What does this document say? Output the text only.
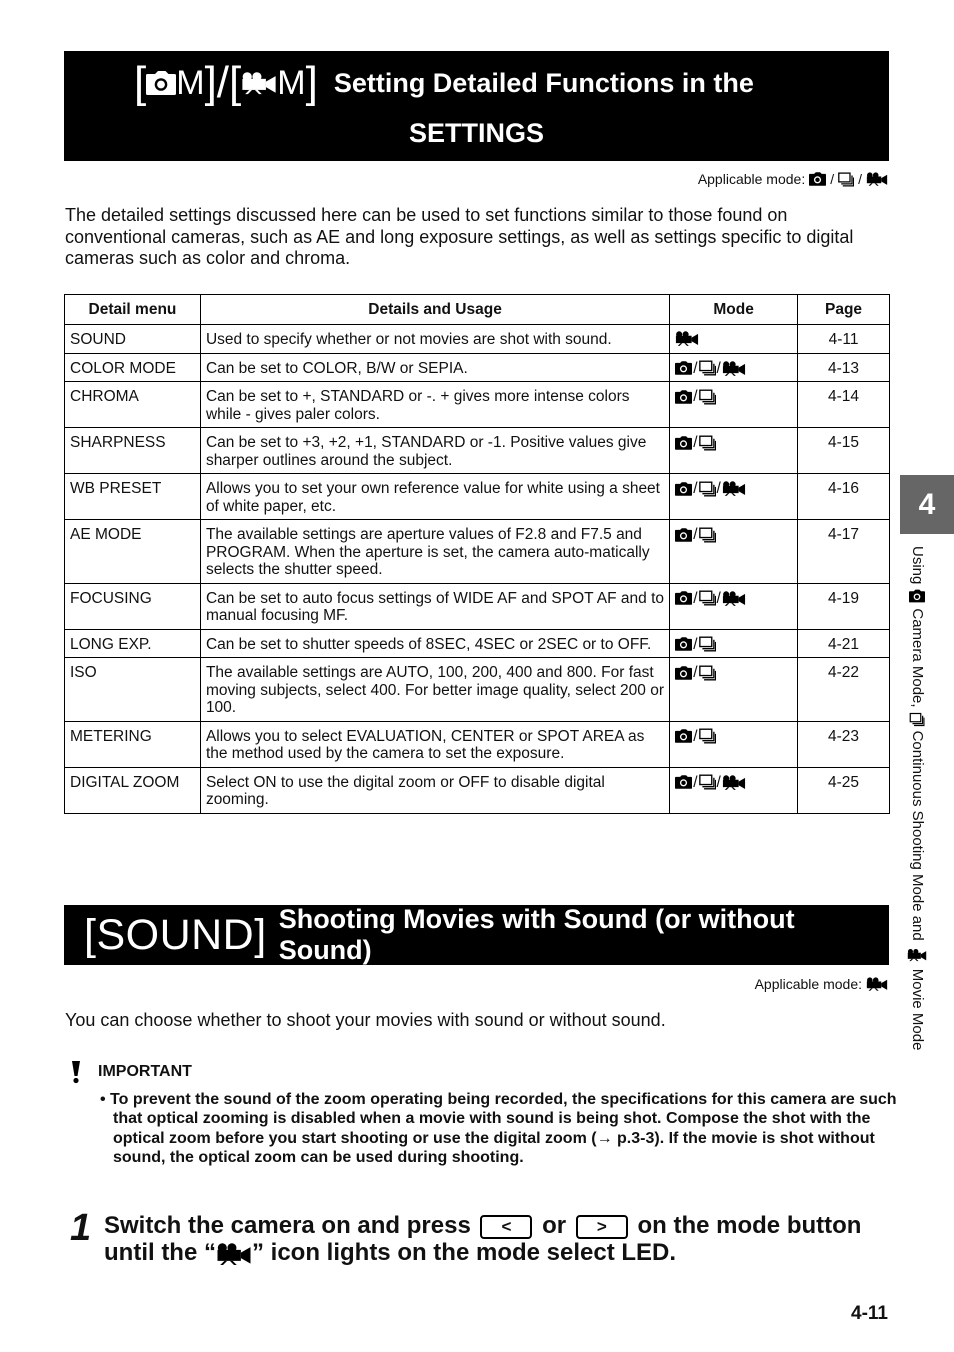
[ M ]/[ M ] Setting Detailed Functions in the
SETTINGS
Applicable mode: / /
The detailed settings discussed here can be used to set functions similar to those found on conventional cameras, such as AE and long exposure settings, as well as settings specific to digital cameras such as color and chroma.
Detail menu	Details and Usage	Mode	Page
SOUND	Used to specify whether or not movies are shot with sound.		4-11
COLOR MODE	Can be set to COLOR, B/W or SEPIA.	/ /	4-13
CHROMA	Can be set to +, STANDARD or -. + gives more intense colors while - gives paler colors.	/	4-14
SHARPNESS	Can be set to +3, +2, +1, STANDARD or -1. Positive values give sharper outlines around the subject.	/	4-15
WB PRESET	Allows you to set your own reference value for white using a sheet of white paper, etc.	/ /	4-16
AE MODE	The available settings are aperture values of F2.8 and F7.5 and PROGRAM. When the aperture is set, the camera auto-matically selects the shutter speed.	/	4-17
FOCUSING	Can be set to auto focus settings of WIDE AF and SPOT AF and to manual focusing MF.	/ /	4-19
LONG EXP.	Can be set to shutter speeds of 8SEC, 4SEC or 2SEC or to OFF.	/	4-21
ISO	The available settings are AUTO, 100, 200, 400 and 800. For fast moving subjects, select 400. For better image quality, select 200 or 100.	/	4-22
METERING	Allows you to select EVALUATION, CENTER or SPOT AREA as the method used by the camera to set the exposure.	/	4-23
DIGITAL ZOOM	Select ON to use the digital zoom or OFF to disable digital zooming.	/ /	4-25
4
Using
Camera Mode,
Continuous Shooting Mode and
Movie Mode
[SOUND] Shooting Movies with Sound (or without Sound)
Applicable mode:
You can choose whether to shoot your movies with sound or without sound.
IMPORTANT
• To prevent the sound of the zoom operating being recorded, the specifications for this camera are such that optical zooming is disabled when a movie with sound is being shot. Compose the shot with the optical zoom before you start shooting or use the digital zoom (→ p.3-3). If the movie is shot without sound, the optical zoom can be used during shooting.
1 Switch the camera on and press < or > on the mode button until the “ ” icon lights on the mode select LED.
4-11
